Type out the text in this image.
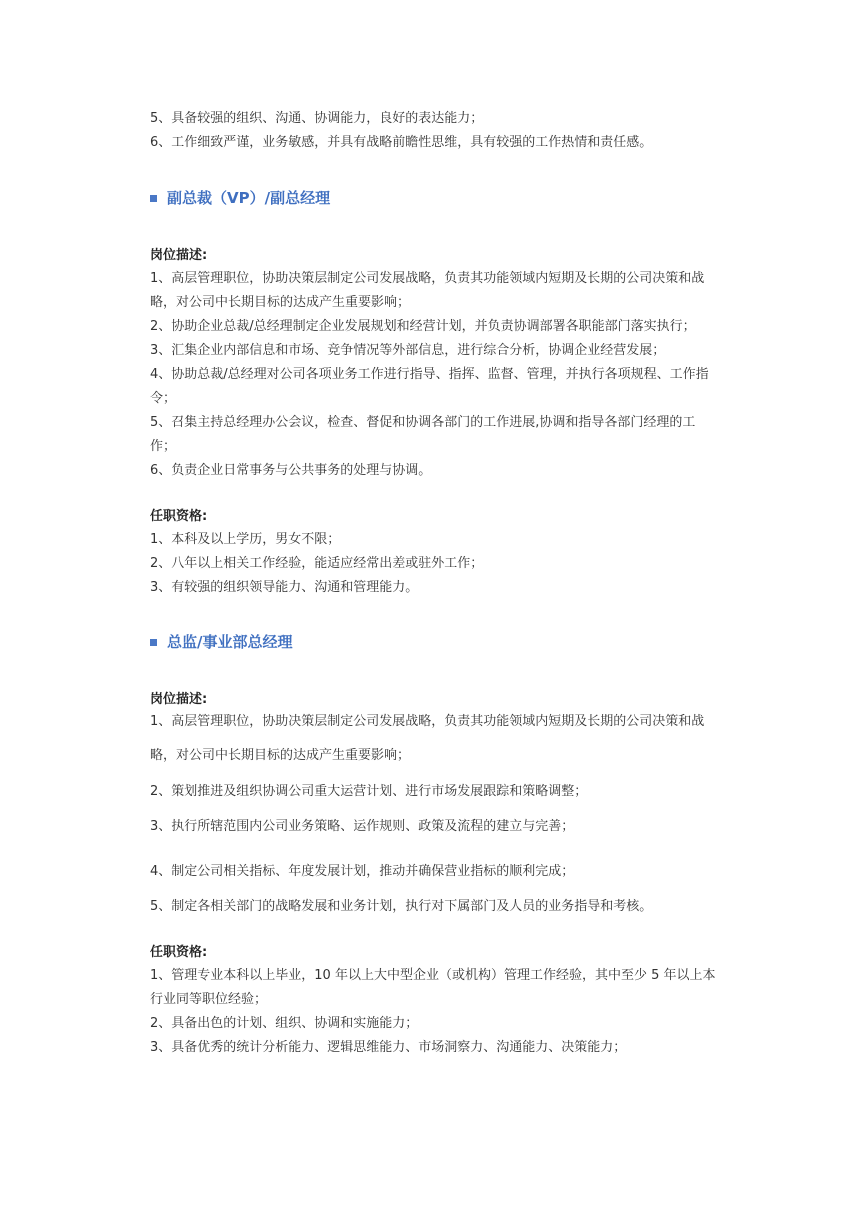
5、具备较强的组织、沟通、协调能力，良好的表达能力；
6、工作细致严谨，业务敏感，并具有战略前瞻性思维，具有较强的工作热情和责任感。
副总裁（VP）/副总经理
岗位描述:
1、高层管理职位，协助决策层制定公司发展战略，负责其功能领域内短期及长期的公司决策和战
略，对公司中长期目标的达成产生重要影响；
2、协助企业总裁/总经理制定企业发展规划和经营计划，并负责协调部署各职能部门落实执行；
3、汇集企业内部信息和市场、竞争情况等外部信息，进行综合分析，协调企业经营发展；
4、协助总裁/总经理对公司各项业务工作进行指导、指挥、监督、管理，并执行各项规程、工作指
令；
5、召集主持总经理办公会议，检查、督促和协调各部门的工作进展,协调和指导各部门经理的工
作；
6、负责企业日常事务与公共事务的处理与协调。
任职资格:
1、本科及以上学历，男女不限；
2、八年以上相关工作经验，能适应经常出差或驻外工作；
3、有较强的组织领导能力、沟通和管理能力。
总监/事业部总经理
岗位描述:
1、高层管理职位，协助决策层制定公司发展战略，负责其功能领域内短期及长期的公司决策和战
略，对公司中长期目标的达成产生重要影响；
2、策划推进及组织协调公司重大运营计划、进行市场发展跟踪和策略调整；
3、执行所辖范围内公司业务策略、运作规则、政策及流程的建立与完善；
4、制定公司相关指标、年度发展计划，推动并确保营业指标的顺利完成；
5、制定各相关部门的战略发展和业务计划，执行对下属部门及人员的业务指导和考核。
任职资格:
1、管理专业本科以上毕业，10 年以上大中型企业（或机构）管理工作经验，其中至少 5 年以上本
行业同等职位经验；
2、具备出色的计划、组织、协调和实施能力；
3、具备优秀的统计分析能力、逻辑思维能力、市场洞察力、沟通能力、决策能力；
